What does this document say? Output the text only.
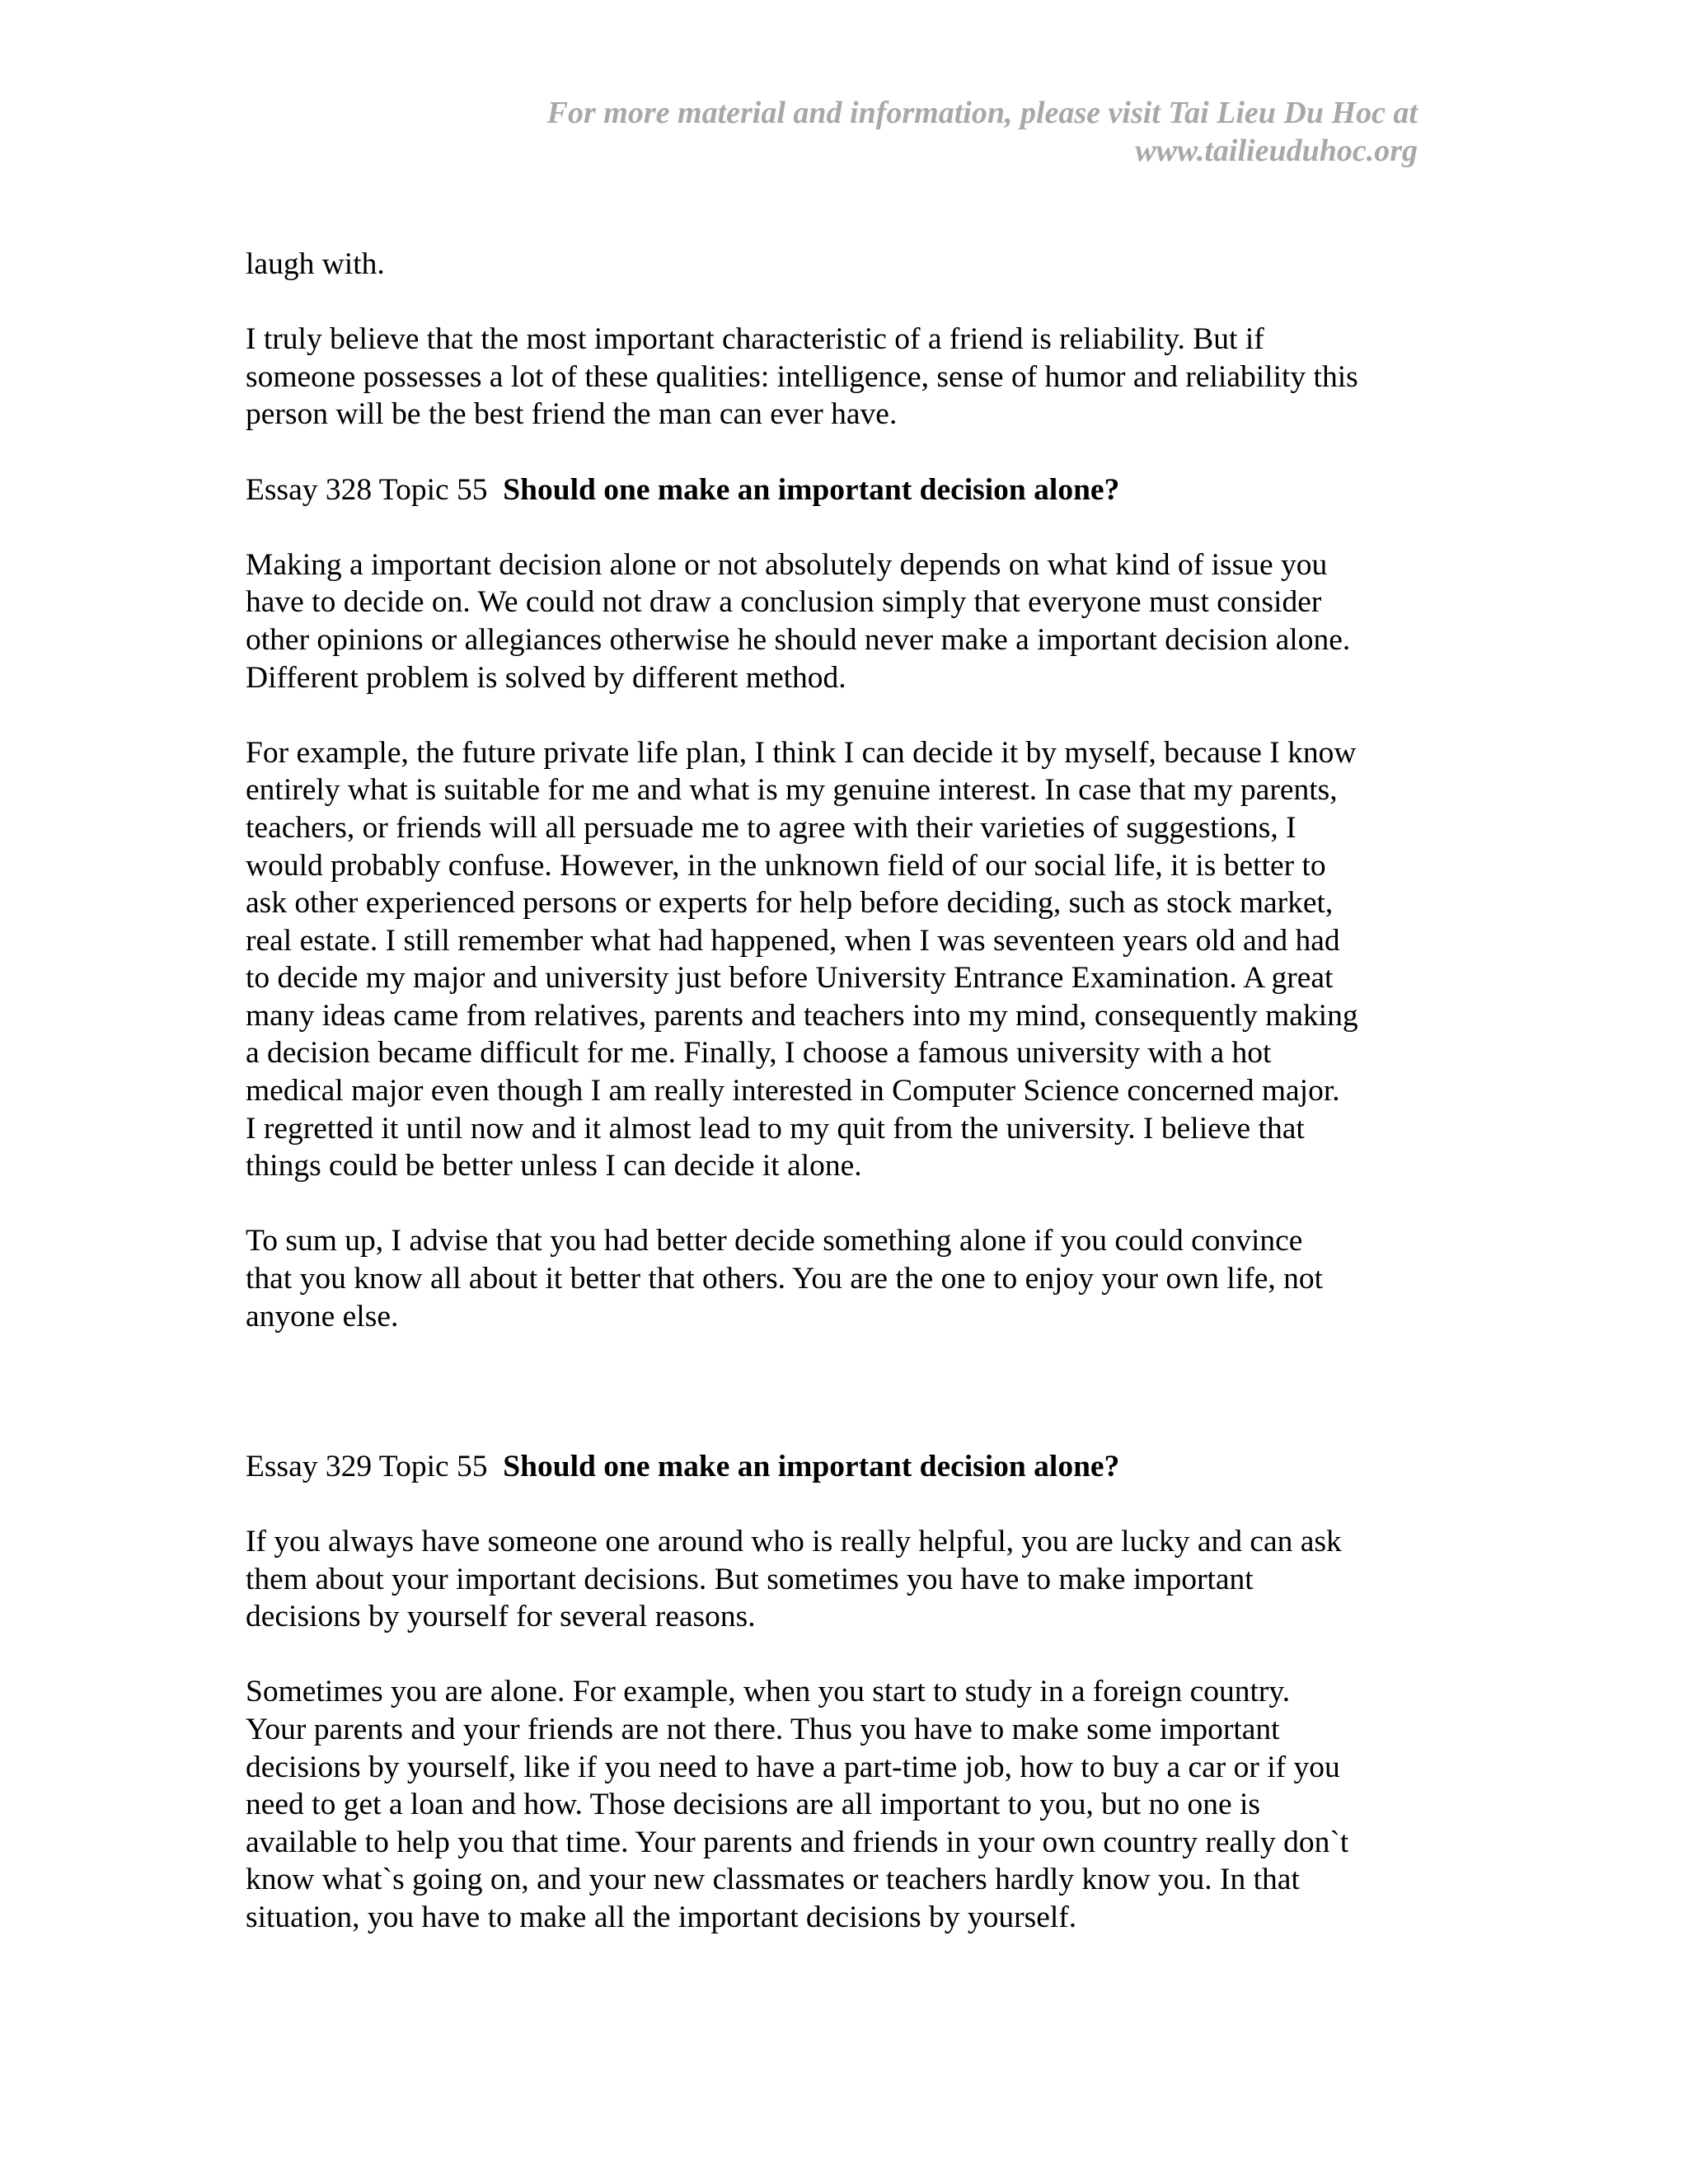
For more material and information, please visit Tai Lieu Du Hoc at
www.tailieuduhoc.org
laugh with.
I truly believe that the most important characteristic of a friend is reliability. But if
someone possesses a lot of these qualities: intelligence, sense of humor and reliability this
person will be the best friend the man can ever have.
Essay 328 Topic 55 Should one make an important decision alone?
Making a important decision alone or not absolutely depends on what kind of issue you
have to decide on. We could not draw a conclusion simply that everyone must consider
other opinions or allegiances otherwise he should never make a important decision alone.
Different problem is solved by different method.
For example, the future private life plan, I think I can decide it by myself, because I know
entirely what is suitable for me and what is my genuine interest. In case that my parents,
teachers, or friends will all persuade me to agree with their varieties of suggestions, I
would probably confuse. However, in the unknown field of our social life, it is better to
ask other experienced persons or experts for help before deciding, such as stock market,
real estate. I still remember what had happened, when I was seventeen years old and had
to decide my major and university just before University Entrance Examination. A great
many ideas came from relatives, parents and teachers into my mind, consequently making
a decision became difficult for me. Finally, I choose a famous university with a hot
medical major even though I am really interested in Computer Science concerned major.
I regretted it until now and it almost lead to my quit from the university. I believe that
things could be better unless I can decide it alone.
To sum up, I advise that you had better decide something alone if you could convince
that you know all about it better that others. You are the one to enjoy your own life, not
anyone else.
Essay 329 Topic 55 Should one make an important decision alone?
If you always have someone one around who is really helpful, you are lucky and can ask
them about your important decisions. But sometimes you have to make important
decisions by yourself for several reasons.
Sometimes you are alone. For example, when you start to study in a foreign country.
Your parents and your friends are not there. Thus you have to make some important
decisions by yourself, like if you need to have a part-time job, how to buy a car or if you
need to get a loan and how. Those decisions are all important to you, but no one is
available to help you that time. Your parents and friends in your own country really don`t
know what`s going on, and your new classmates or teachers hardly know you. In that
situation, you have to make all the important decisions by yourself.
